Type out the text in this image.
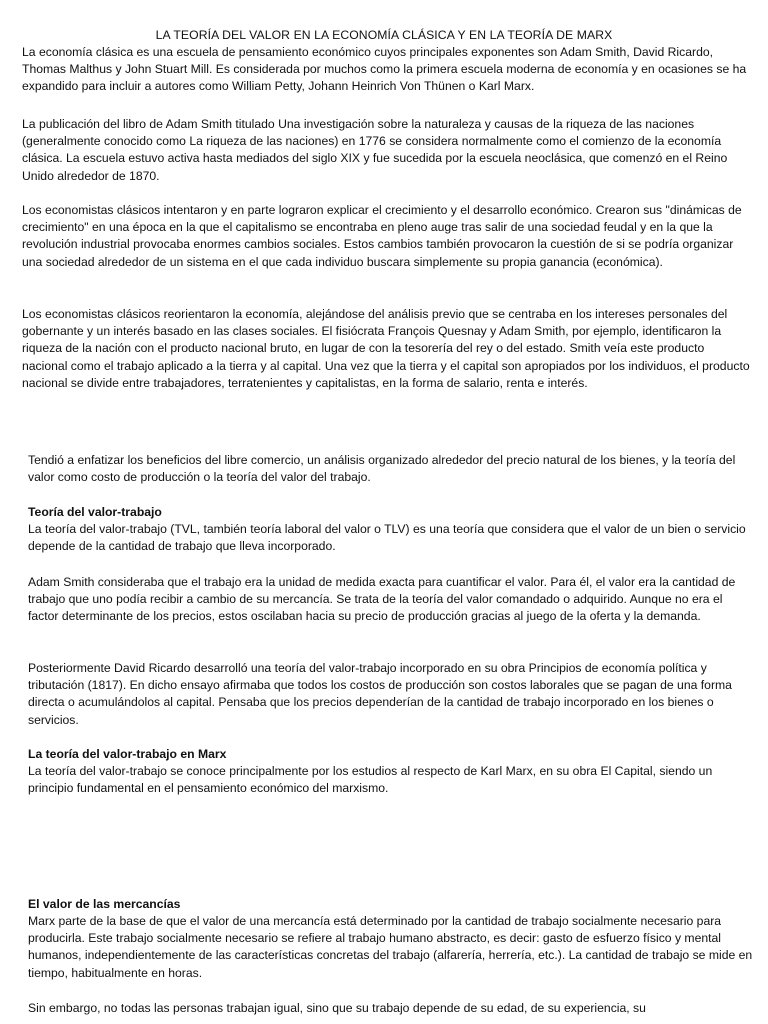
LA TEORÍA DEL VALOR EN LA ECONOMÍA CLÁSICA Y EN LA TEORÍA DE MARX

La economía clásica es una escuela de pensamiento económico cuyos principales exponentes son Adam Smith, David Ricardo, Thomas Malthus y John Stuart Mill. Es considerada por muchos como la primera escuela moderna de economía y en ocasiones se ha expandido para incluir a autores como William Petty, Johann Heinrich Von Thünen o Karl Marx.

La publicación del libro de Adam Smith titulado Una investigación sobre la naturaleza y causas de la riqueza de las naciones (generalmente conocido como La riqueza de las naciones) en 1776 se considera normalmente como el comienzo de la economía clásica. La escuela estuvo activa hasta mediados del siglo XIX y fue sucedida por la escuela neoclásica, que comenzó en el Reino Unido alrededor de 1870.

Los economistas clásicos intentaron y en parte lograron explicar el crecimiento y el desarrollo económico. Crearon sus "dinámicas de crecimiento" en una época en la que el capitalismo se encontraba en pleno auge tras salir de una sociedad feudal y en la que la revolución industrial provocaba enormes cambios sociales. Estos cambios también provocaron la cuestión de si se podría organizar una sociedad alrededor de un sistema en el que cada individuo buscara simplemente su propia ganancia (económica).

Los economistas clásicos reorientaron la economía, alejándose del análisis previo que se centraba en los intereses personales del gobernante y un interés basado en las clases sociales. El fisiócrata François Quesnay y Adam Smith, por ejemplo, identificaron la riqueza de la nación con el producto nacional bruto, en lugar de con la tesorería del rey o del estado. Smith veía este producto nacional como el trabajo aplicado a la tierra y al capital. Una vez que la tierra y el capital son apropiados por los individuos, el producto nacional se divide entre trabajadores, terratenientes y capitalistas, en la forma de salario, renta e interés.

Tendió a enfatizar los beneficios del libre comercio, un análisis organizado alrededor del precio natural de los bienes, y la teoría del valor como costo de producción o la teoría del valor del trabajo.

Teoría del valor-trabajo

La teoría del valor-trabajo (TVL, también teoría laboral del valor o TLV) es una teoría que considera que el valor de un bien o servicio depende de la cantidad de trabajo que lleva incorporado.

Adam Smith consideraba que el trabajo era la unidad de medida exacta para cuantificar el valor. Para él, el valor era la cantidad de trabajo que uno podía recibir a cambio de su mercancía. Se trata de la teoría del valor comandado o adquirido. Aunque no era el factor determinante de los precios, estos oscilaban hacia su precio de producción gracias al juego de la oferta y la demanda.

Posteriormente David Ricardo desarrolló una teoría del valor-trabajo incorporado en su obra Principios de economía política y tributación (1817). En dicho ensayo afirmaba que todos los costos de producción son costos laborales que se pagan de una forma directa o acumulándolos al capital. Pensaba que los precios dependerían de la cantidad de trabajo incorporado en los bienes o servicios.

La teoría del valor-trabajo en Marx

La teoría del valor-trabajo se conoce principalmente por los estudios al respecto de Karl Marx, en su obra El Capital, siendo un principio fundamental en el pensamiento económico del marxismo.

El valor de las mercancías

Marx parte de la base de que el valor de una mercancía está determinado por la cantidad de trabajo socialmente necesario para producirla. Este trabajo socialmente necesario se refiere al trabajo humano abstracto, es decir: gasto de esfuerzo físico y mental humanos, independientemente de las características concretas del trabajo (alfarería, herrería, etc.). La cantidad de trabajo se mide en tiempo, habitualmente en horas.

Sin embargo, no todas las personas trabajan igual, sino que su trabajo depende de su edad, de su experiencia, su
